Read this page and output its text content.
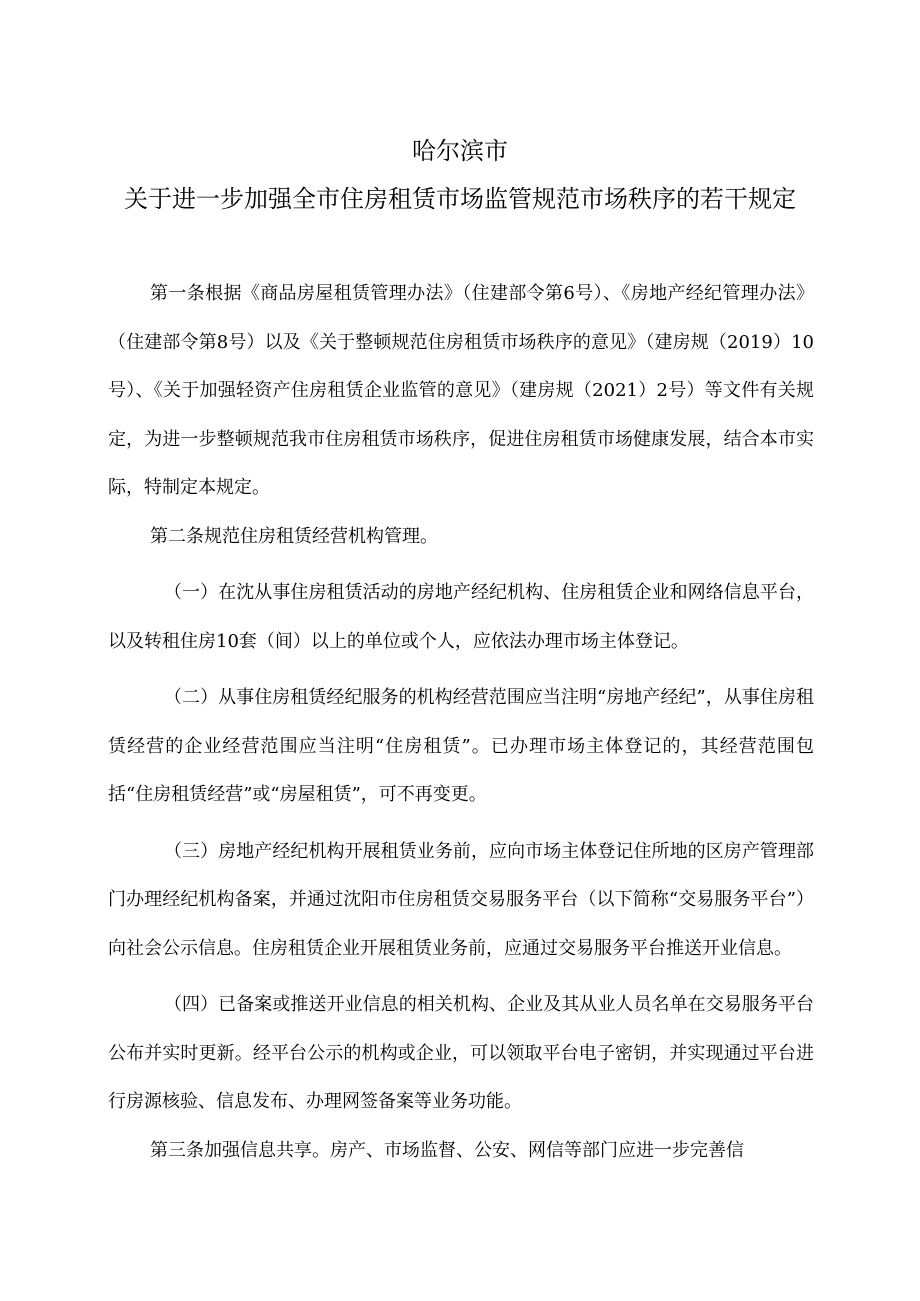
哈尔滨市
关于进一步加强全市住房租赁市场监管规范市场秩序的若干规定

第一条根据《商品房屋租赁管理办法》（住建部令第6号）、《房地产经纪管理办法》（住建部令第8号）以及《关于整顿规范住房租赁市场秩序的意见》（建房规（2019）10号）、《关于加强轻资产住房租赁企业监管的意见》（建房规（2021）2号）等文件有关规定，为进一步整顿规范我市住房租赁市场秩序，促进住房租赁市场健康发展，结合本市实际，特制定本规定。

第二条规范住房租赁经营机构管理。

（一）在沈从事住房租赁活动的房地产经纪机构、住房租赁企业和网络信息平台，以及转租住房10套（间）以上的单位或个人，应依法办理市场主体登记。

（二）从事住房租赁经纪服务的机构经营范围应当注明“房地产经纪”，从事住房租赁经营的企业经营范围应当注明“住房租赁”。已办理市场主体登记的，其经营范围包括“住房租赁经营”或“房屋租赁”，可不再变更。

（三）房地产经纪机构开展租赁业务前，应向市场主体登记住所地的区房产管理部门办理经纪机构备案，并通过沈阳市住房租赁交易服务平台（以下简称“交易服务平台”）向社会公示信息。住房租赁企业开展租赁业务前，应通过交易服务平台推送开业信息。

（四）已备案或推送开业信息的相关机构、企业及其从业人员名单在交易服务平台公布并实时更新。经平台公示的机构或企业，可以领取平台电子密钥，并实现通过平台进行房源核验、信息发布、办理网签备案等业务功能。

第三条加强信息共享。房产、市场监督、公安、网信等部门应进一步完善信
